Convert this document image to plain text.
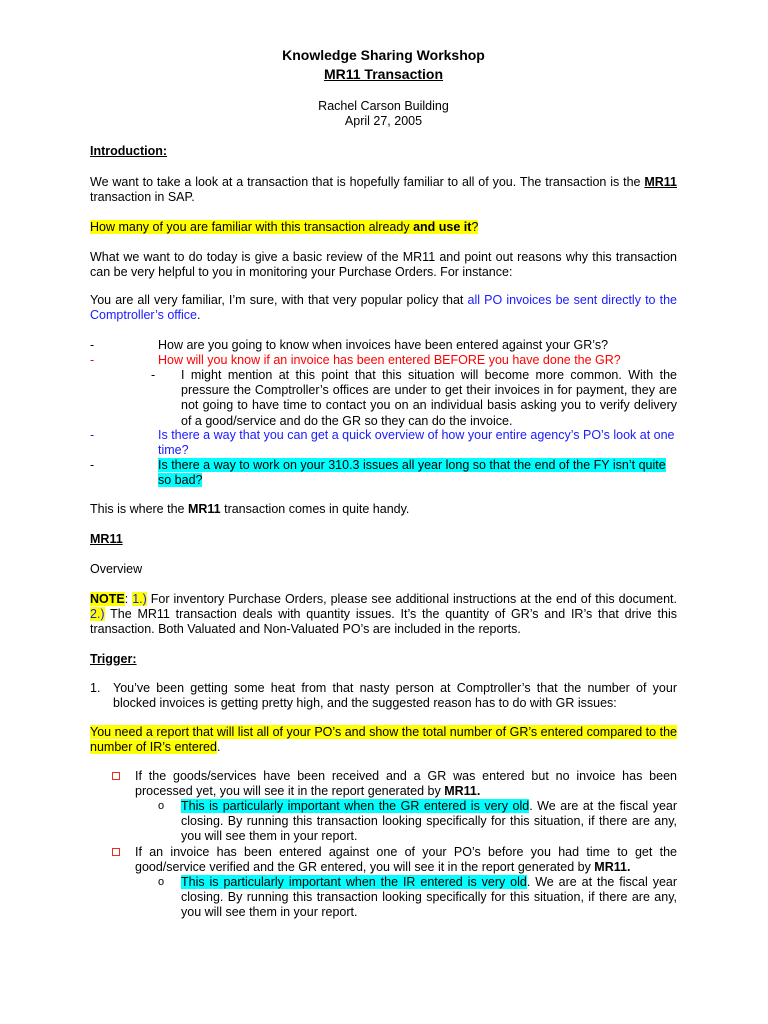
Knowledge Sharing Workshop
MR11 Transaction
Rachel Carson Building
April 27, 2005
Introduction:
We want to take a look at a transaction that is hopefully familiar to all of you. The transaction is the MR11 transaction in SAP.
How many of you are familiar with this transaction already and use it?
What we want to do today is give a basic review of the MR11 and point out reasons why this transaction can be very helpful to you in monitoring your Purchase Orders. For instance:
You are all very familiar, I’m sure, with that very popular policy that all PO invoices be sent directly to the Comptroller’s office.
-	How are you going to know when invoices have been entered against your GR’s?
-	How will you know if an invoice has been entered BEFORE you have done the GR?
- I might mention at this point that this situation will become more common. With the pressure the Comptroller’s offices are under to get their invoices in for payment, they are not going to have time to contact you on an individual basis asking you to verify delivery of a good/service and do the GR so they can do the invoice.
-	Is there a way that you can get a quick overview of how your entire agency’s PO’s look at one time?
-	Is there a way to work on your 310.3 issues all year long so that the end of the FY isn’t quite so bad?
This is where the MR11 transaction comes in quite handy.
MR11
Overview
NOTE: 1.) For inventory Purchase Orders, please see additional instructions at the end of this document. 2.) The MR11 transaction deals with quantity issues. It’s the quantity of GR’s and IR’s that drive this transaction. Both Valuated and Non-Valuated PO’s are included in the reports.
Trigger:
1. You’ve been getting some heat from that nasty person at Comptroller’s that the number of your blocked invoices is getting pretty high, and the suggested reason has to do with GR issues:
You need a report that will list all of your PO’s and show the total number of GR’s entered compared to the number of IR’s entered.
If the goods/services have been received and a GR was entered but no invoice has been processed yet, you will see it in the report generated by MR11.
o This is particularly important when the GR entered is very old. We are at the fiscal year closing. By running this transaction looking specifically for this situation, if there are any, you will see them in your report.
If an invoice has been entered against one of your PO’s before you had time to get the good/service verified and the GR entered, you will see it in the report generated by MR11.
o This is particularly important when the IR entered is very old. We are at the fiscal year closing. By running this transaction looking specifically for this situation, if there are any, you will see them in your report.
